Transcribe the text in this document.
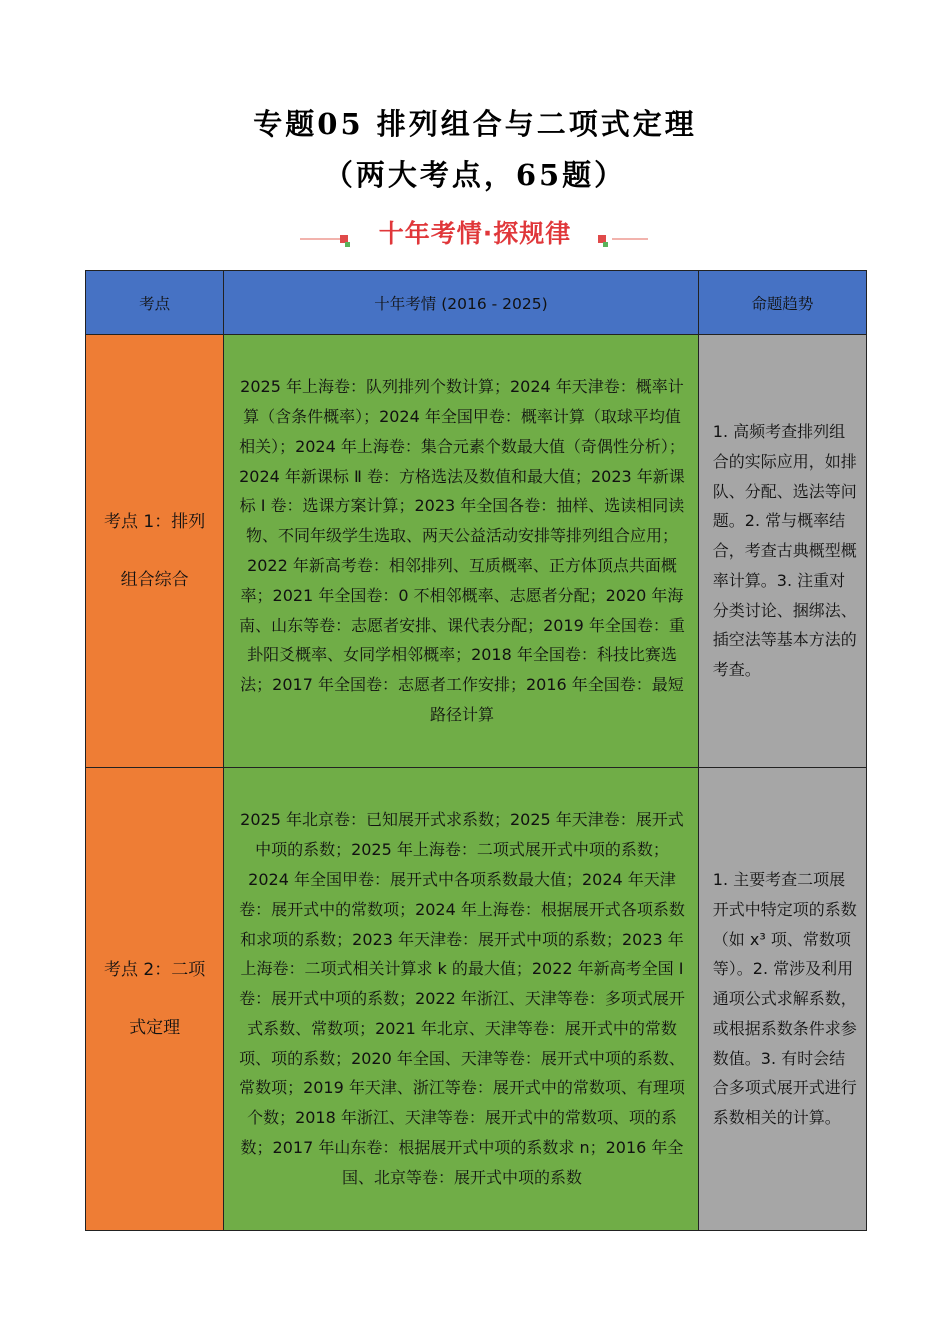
专题05 排列组合与二项式定理
（两大考点，65题）
十年考情·探规律
考点	十年考情 (2016 - 2025)	命题趋势
考点 1：排列组合综合	2025 年上海卷：队列排列个数计算；2024 年天津卷：概率计算（含条件概率）；2024 年全国甲卷：概率计算（取球平均值相关）；2024 年上海卷：集合元素个数最大值（奇偶性分析）；2024 年新课标 Ⅱ 卷：方格选法及数值和最大值；2023 年新课标 Ⅰ 卷：选课方案计算；2023 年全国各卷：抽样、选读相同读物、不同年级学生选取、两天公益活动安排等排列组合应用；2022 年新高考卷：相邻排列、互质概率、正方体顶点共面概率；2021 年全国卷：0 不相邻概率、志愿者分配；2020 年海南、山东等卷：志愿者安排、课代表分配；2019 年全国卷：重卦阳爻概率、女同学相邻概率；2018 年全国卷：科技比赛选法；2017 年全国卷：志愿者工作安排；2016 年全国卷：最短路径计算	1. 高频考查排列组合的实际应用，如排队、分配、选法等问题。2. 常与概率结合，考查古典概型概率计算。3. 注重对分类讨论、捆绑法、插空法等基本方法的考查。
考点 2：二项式定理	2025 年北京卷：已知展开式求系数；2025 年天津卷：展开式中项的系数；2025 年上海卷：二项式展开式中项的系数；2024 年全国甲卷：展开式中各项系数最大值；2024 年天津卷：展开式中的常数项；2024 年上海卷：根据展开式各项系数和求项的系数；2023 年天津卷：展开式中项的系数；2023 年上海卷：二项式相关计算求 k 的最大值；2022 年新高考全国 Ⅰ 卷：展开式中项的系数；2022 年浙江、天津等卷：多项式展开式系数、常数项；2021 年北京、天津等卷：展开式中的常数项、项的系数；2020 年全国、天津等卷：展开式中项的系数、常数项；2019 年天津、浙江等卷：展开式中的常数项、有理项个数；2018 年浙江、天津等卷：展开式中的常数项、项的系数；2017 年山东卷：根据展开式中项的系数求 n；2016 年全国、北京等卷：展开式中项的系数	1. 主要考查二项展开式中特定项的系数（如 x³ 项、常数项等）。2. 常涉及利用通项公式求解系数，或根据系数条件求参数值。3. 有时会结合多项式展开式进行系数相关的计算。
